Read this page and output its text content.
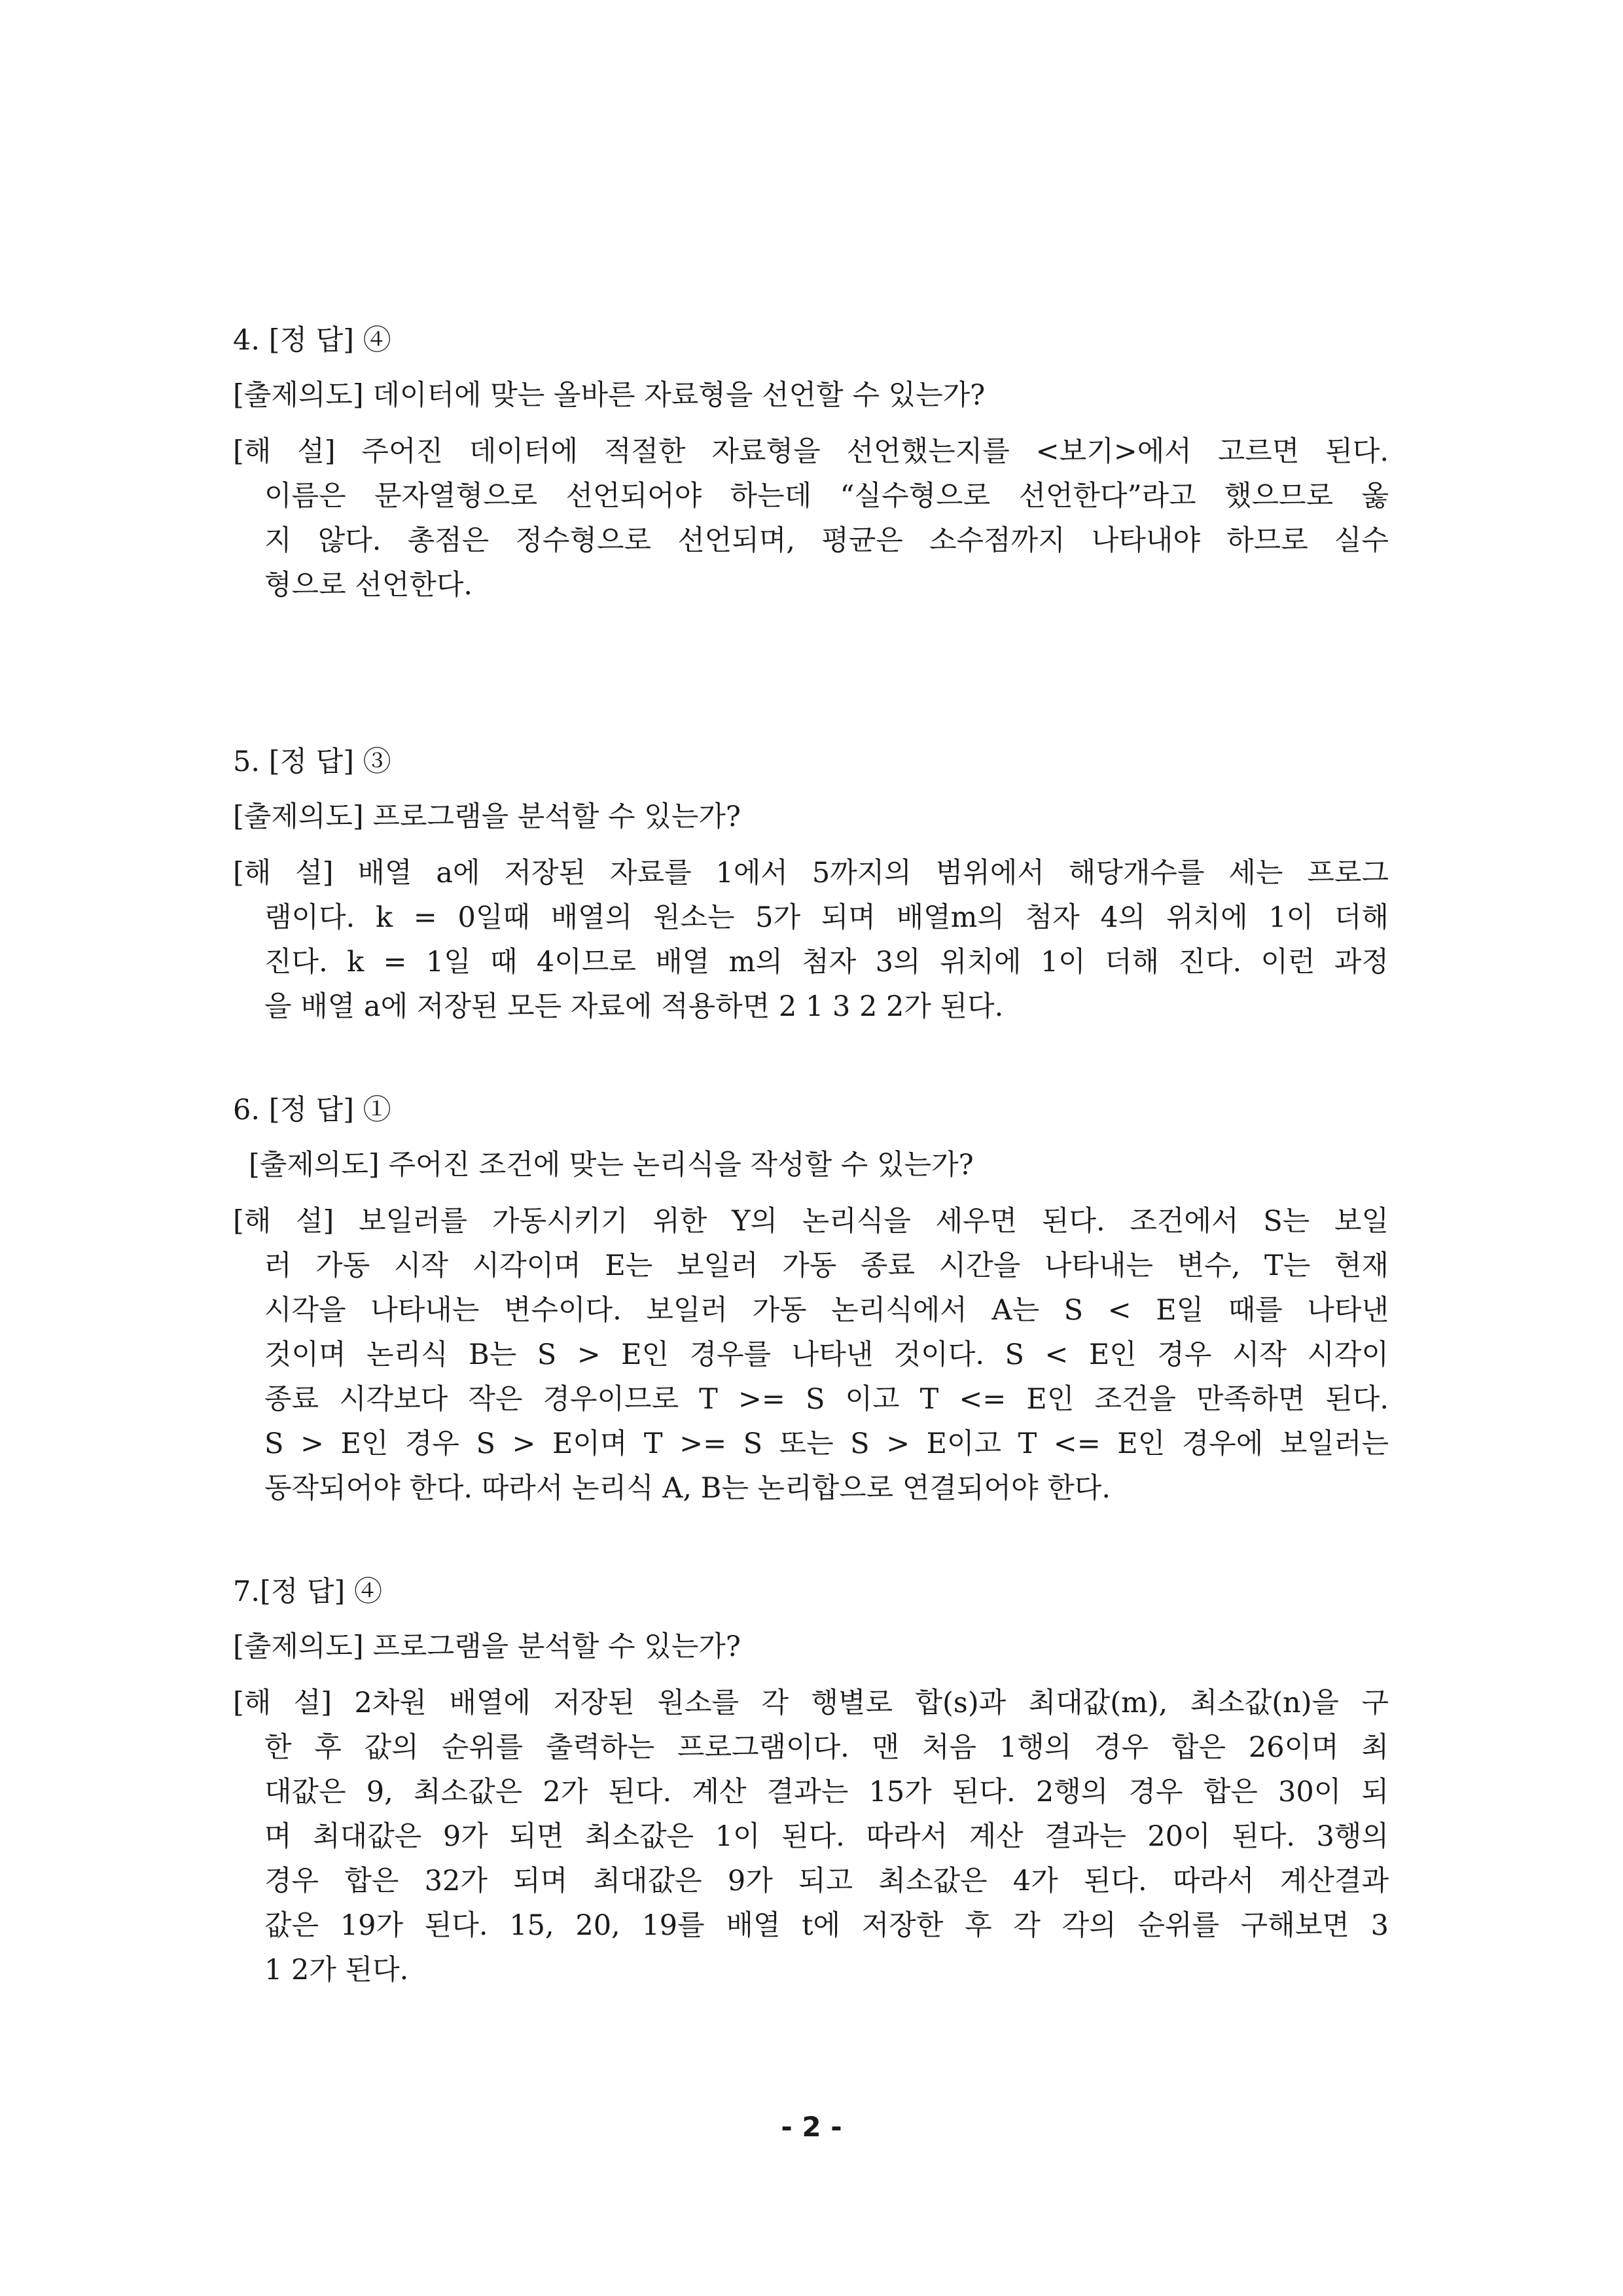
4. [정 답] ④
[출제의도] 데이터에 맞는 올바른 자료형을 선언할 수 있는가?
[해 설] 주어진 데이터에 적절한 자료형을 선언했는지를 <보기>에서 고르면 된다.
이름은 문자열형으로 선언되어야 하는데 “실수형으로 선언한다”라고 했으므로 옳
지 않다. 총점은 정수형으로 선언되며, 평균은 소수점까지 나타내야 하므로 실수
형으로 선언한다.
5. [정 답] ③
[출제의도] 프로그램을 분석할 수 있는가?
[해 설] 배열 a에 저장된 자료를 1에서 5까지의 범위에서 해당개수를 세는 프로그
램이다. k = 0일때 배열의 원소는 5가 되며 배열m의 첨자 4의 위치에 1이 더해
진다. k = 1일 때 4이므로 배열 m의 첨자 3의 위치에 1이 더해 진다. 이런 과정
을 배열 a에 저장된 모든 자료에 적용하면 2 1 3 2 2가 된다.
6. [정 답] ①
[출제의도] 주어진 조건에 맞는 논리식을 작성할 수 있는가?
[해 설] 보일러를 가동시키기 위한 Y의 논리식을 세우면 된다. 조건에서 S는 보일
러 가동 시작 시각이며 E는 보일러 가동 종료 시간을 나타내는 변수, T는 현재
시각을 나타내는 변수이다. 보일러 가동 논리식에서 A는 S < E일 때를 나타낸
것이며 논리식 B는 S > E인 경우를 나타낸 것이다. S < E인 경우 시작 시각이
종료 시각보다 작은 경우이므로 T >= S 이고 T <= E인 조건을 만족하면 된다.
S > E인 경우 S > E이며 T >= S 또는 S > E이고 T <= E인 경우에 보일러는
동작되어야 한다. 따라서 논리식 A, B는 논리합으로 연결되어야 한다.
7.[정 답] ④
[출제의도] 프로그램을 분석할 수 있는가?
[해 설] 2차원 배열에 저장된 원소를 각 행별로 합(s)과 최대값(m), 최소값(n)을 구
한 후 값의 순위를 출력하는 프로그램이다. 맨 처음 1행의 경우 합은 26이며 최
대값은 9, 최소값은 2가 된다. 계산 결과는 15가 된다. 2행의 경우 합은 30이 되
며 최대값은 9가 되면 최소값은 1이 된다. 따라서 계산 결과는 20이 된다. 3행의
경우 합은 32가 되며 최대값은 9가 되고 최소값은 4가 된다. 따라서 계산결과
값은 19가 된다. 15, 20, 19를 배열 t에 저장한 후 각 각의 순위를 구해보면 3
1 2가 된다.
- 2 -
